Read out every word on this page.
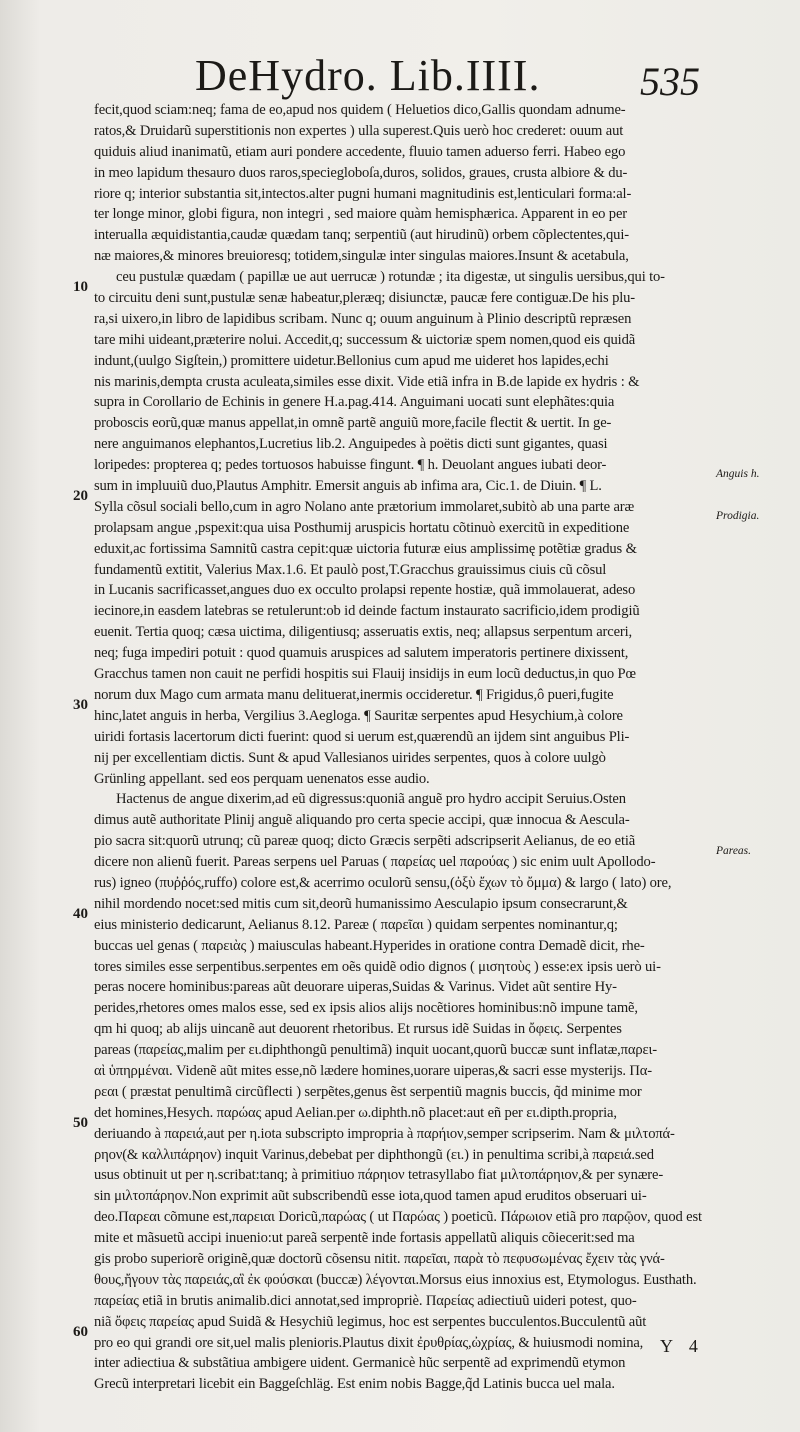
DeHydro. Lib.IIII. 535
fecit,quod sciam:neq; fama de eo,apud nos quidem ( Heluetios dico,Gallis quondam adnume-
ratos,& Druidarũ superstitionis non expertes ) ulla superest.Quis uerò hoc crederet: ouum aut
quiduis aliud inanimatũ, etiam auri pondere accedente, fluuio tamen aduerso ferri. Habeo ego
in meo lapidum thesauro duos raros,speciegloboſa,duros, solidos, graues, crusta albiore & du-
riore q; interior substantia sit,intectos.alter pugni humani magnitudinis est,lenticulari forma:al-
ter longe minor, globi figura, non integri , sed maiore quàm hemisphærica. Apparent in eo per
interualla æquidistantia,caudæ quædam tanq; serpentiũ (aut hirudinũ) orbem cõplectentes,qui-
næ maiores,& minores breuioresq; totidem,singulæ inter singulas maiores.Insunt & acetabula,
ceu pustulæ quædam ( papillæ ue aut uerrucæ ) rotundæ ; ita digestæ, ut singulis uersibus,qui to-
to circuitu deni sunt,pustulæ senæ habeatur,pleræq; disiunctæ, paucæ fere contiguæ.De his plu-
ra,si uixero,in libro de lapidibus scribam. Nunc q; ouum anguinum à Plinio descriptũ repræsen
tare mihi uideant,præterire nolui. Accedit,q; successum & uictoriæ spem nomen,quod eis quidã
indunt,(uulgo Sigſtein,) promittere uidetur.Bellonius cum apud me uideret hos lapides,echi
nis marinis,dempta crusta aculeata,similes esse dixit. Vide etiã infra in B.de lapide ex hydris : &
supra in Corollario de Echinis in genere H.a.pag.414. Anguimani uocati sunt elephãtes:quia
proboscis eorũ,quæ manus appellat,in omnẽ partẽ anguiũ more,facile flectit & uertit. In ge-
nere anguimanos elephantos,Lucretius lib.2. Anguipedes à poëtis dicti sunt gigantes, quasi
loripedes: propterea q; pedes tortuosos habuisse fingunt. ¶ h. Deuolant angues iubati deor-
sum in impluuiũ duo,Plautus Amphitr. Emersit anguis ab infima ara, Cic.1. de Diuin. ¶ L.
Sylla cõsul sociali bello,cum in agro Nolano ante prætorium immolaret,subitò ab una parte aræ
prolapsam angue ,pspexit:qua uisa Posthumij aruspicis hortatu cõtinuò exercitũ in expeditione
eduxit,ac fortissima Samnitũ castra cepit:quæ uictoria futuræ eius amplissimę potẽtiæ gradus &
fundamentũ extitit, Valerius Max.1.6. Et paulò post,T.Gracchus grauissimus ciuis cũ cõsul
in Lucanis sacrificasset,angues duo ex occulto prolapsi repente hostiæ, quã immolauerat, adeso
iecinore,in easdem latebras se retulerunt:ob id deinde factum instaurato sacrificio,idem prodigiũ
euenit. Tertia quoq; cæsa uictima, diligentiusq; asseruatis extis, neq; allapsus serpentum arceri,
neq; fuga impediri potuit : quod quamuis aruspices ad salutem imperatoris pertinere dixissent,
Gracchus tamen non cauit ne perfidi hospitis sui Flauij insidijs in eum locũ deductus,in quo Pœ
norum dux Mago cum armata manu delituerat,inermis occideretur. ¶ Frigidus,ô pueri,fugite
hinc,latet anguis in herba, Vergilius 3.Aegloga. ¶ Sauritæ serpentes apud Hesychium,à colore
uiridi fortasis lacertorum dicti fuerint: quod si uerum est,quærendũ an ijdem sint anguibus Pli-
nij per excellentiam dictis. Sunt & apud Vallesianos uirides serpentes, quos à colore uulgò
Grünling appellant. sed eos perquam uenenatos esse audio.
Hactenus de angue dixerim,ad eũ digressus:quoniã anguẽ pro hydro accipit Seruius.Osten
dimus autẽ authoritate Plinij anguẽ aliquando pro certa specie accipi, quæ innocua & Aescula-
pio sacra sit:quorũ utrunq; cũ pareæ quoq; dicto Græcis serpẽti adscripserit Aelianus, de eo etiã
dicere non alienũ fuerit. Pareas serpens uel Paruas ( παρείας uel παρούας ) sic enim uult Apollodo-
rus) igneo (πυῤῥός,ruffo) colore est,& acerrimo oculorũ sensu,(ὀξὺ ἔχων τὸ ὄμμα) & largo ( lato) ore,
nihil mordendo nocet:sed mitis cum sit,deorũ humanissimo Aesculapio ipsum consecrarunt,&
eius ministerio dedicarunt, Aelianus 8.12. Pareæ ( παρεῖαι ) quidam serpentes nominantur,q;
buccas uel genas ( παρειὰς ) maiusculas habeant.Hyperides in oratione contra Demadẽ dicit, rhe-
tores similes esse serpentibus.serpentes em oẽs quidẽ odio dignos ( μισητοὺς ) esse:ex ipsis uerò ui-
peras nocere hominibus:pareas aũt deuorare uiperas,Suidas & Varinus. Videt aũt sentire Hy-
perides,rhetores omes malos esse, sed ex ipsis alios alijs nocẽtiores hominibus:nõ impune tamẽ,
qm hi quoq; ab alijs uincanẽ aut deuorent rhetoribus. Et rursus idẽ Suidas in ὄφεις. Serpentes
pareas (παρείας,malim per ει.diphthongũ penultimã) inquit uocant,quorũ buccæ sunt inflatæ,παρει-
αὶ ὑπηρμέναι. Videnẽ aũt mites esse,nõ lædere homines,uorare uiperas,& sacri esse mysterijs. Πα-
ρεαι ( præstat penultimã circũflecti ) serpẽtes,genus ẽst serpentiũ magnis buccis, q̃d minime mor
det homines,Hesych. παρώας apud Aelian.per ω.diphth.nõ placet:aut eñ per ει.dipth.propria,
deriuando à παρειά,aut per η.iota subscripto impropria à παρήιον,semper scripserim. Nam & μιλτοπά-
ρηον(& καλλιπάρηον) inquit Varinus,debebat per diphthongũ (ει.) in penultima scribi,à παρειά.sed
usus obtinuit ut per η.scribat:tanq; à primitiuo πάρηιον tetrasyllabo fiat μιλτοπάρηιον,& per synære-
sin μιλτοπάρηον.Non exprimit aũt subscribendũ esse iota,quod tamen apud eruditos obseruari ui-
deo.Παρεαι cõmune est,παρειαι Doricũ,παρώας ( ut Παρώας ) poeticũ. Πάρωιον etiã pro παρῷον, quod est
mite et mãsuetũ accipi inuenio:ut pareã serpentẽ inde fortasis appellatũ aliquis cõiecerit:sed ma
gis probo superiorẽ originẽ,quæ doctorũ cõsensu nitit. παρεῖαι, παρὰ τὸ πεφυσωμένας ἔχειν τὰς γνά-
θους,ἤγουν τὰς παρειάς,αἳ ἐκ φούσκαι (buccæ) λέγονται.Morsus eius innoxius est, Etymologus. Eusthath.
παρείας etiã in brutis animalib.dici annotat,sed impropriè. Παρείας adiectiuũ uideri potest, quo-
niã ὄφεις παρείας apud Suidã & Hesychiũ legimus, hoc est serpentes bucculentos.Bucculentũ aũt
pro eo qui grandi ore sit,uel malis plenioris.Plautus dixit ἐρυθρίας,ὠχρίας, & huiusmodi nomina,
inter adiectiua & substãtiua ambigere uident. Germanicè hũc serpentẽ ad exprimendũ etymon
Grecũ interpretari licebit ein Baggeſchläg. Est enim nobis Bagge,q̃d Latinis bucca uel mala.
10
20
30
40
50
60
Anguis h.
Prodigia.
Pareas.
Y 4
